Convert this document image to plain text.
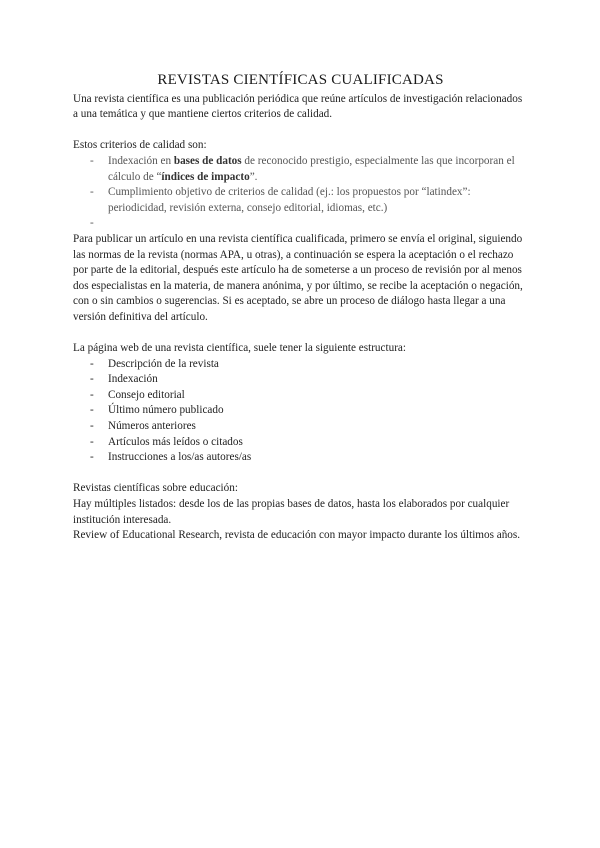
REVISTAS CIENTÍFICAS CUALIFICADAS

Una revista científica es una publicación periódica que reúne artículos de investigación relacionados a una temática y que mantiene ciertos criterios de calidad.

Estos criterios de calidad son:

- Indexación en bases de datos de reconocido prestigio, especialmente las que incorporan el cálculo de “índices de impacto”.
- Cumplimiento objetivo de criterios de calidad (ej.: los propuestos por “latindex”: periodicidad, revisión externa, consejo editorial, idiomas, etc.)
-

Para publicar un artículo en una revista científica cualificada, primero se envía el original, siguiendo las normas de la revista (normas APA, u otras), a continuación se espera la aceptación o el rechazo por parte de la editorial, después este artículo ha de someterse a un proceso de revisión por al menos dos especialistas en la materia, de manera anónima, y por último, se recibe la aceptación o negación, con o sin cambios o sugerencias. Si es aceptado, se abre un proceso de diálogo hasta llegar a una versión definitiva del artículo.

La página web de una revista científica, suele tener la siguiente estructura:

- Descripción de la revista
- Indexación
- Consejo editorial
- Último número publicado
- Números anteriores
- Artículos más leídos o citados
- Instrucciones a los/as autores/as

Revistas científicas sobre educación:

Hay múltiples listados: desde los de las propias bases de datos, hasta los elaborados por cualquier institución interesada.

Review of Educational Research, revista de educación con mayor impacto durante los últimos años.
